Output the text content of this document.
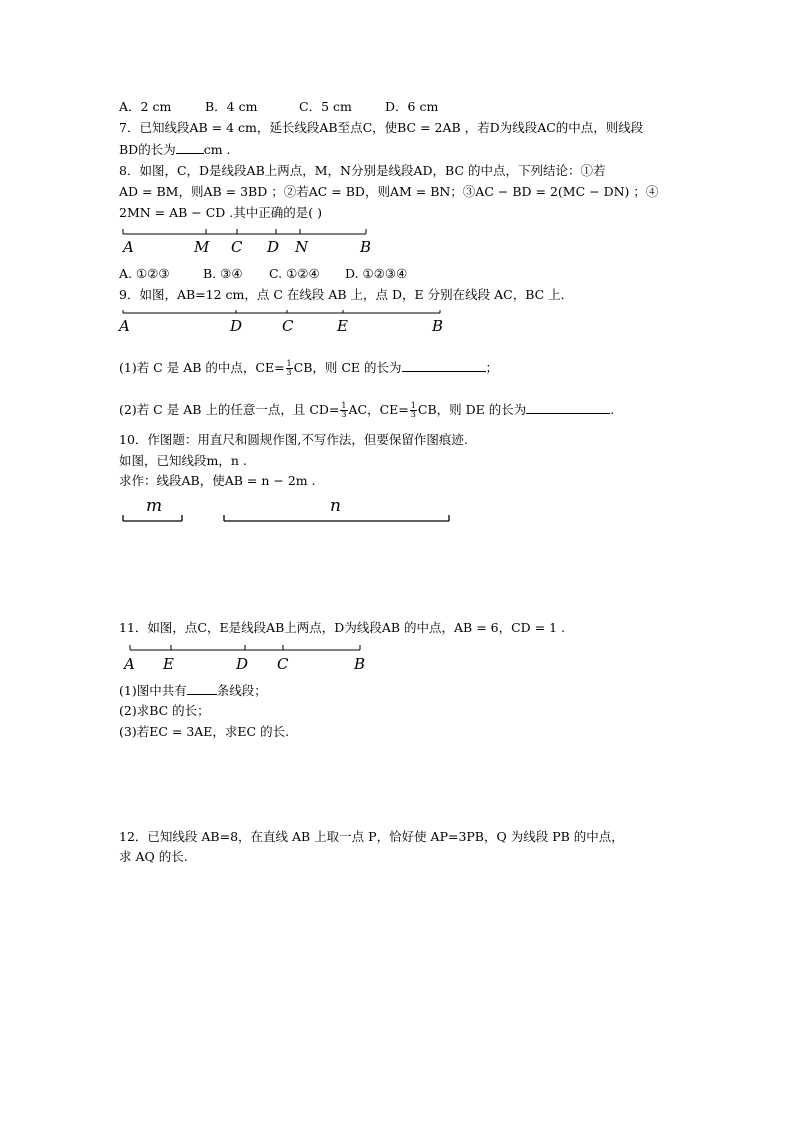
A．2 cm	B．4 cm	C．5 cm	D．6 cm
7．已知线段AB = 4 cm，延长线段AB至点C，使BC = 2AB ，若D为线段AC的中点，则线段
BD的长为 cm .
8．如图，C，D是线段AB上两点，M，N分别是线段AD，BC 的中点，下列结论：①若
AD = BM，则AB = 3BD ；②若AC = BD，则AM = BN；③AC − BD = 2(MC − DN) ；④
2MN = AB − CD .其中正确的是( )
A	M C D N	B
A	D	C	E	B
m	n
A E	D C	B
A. ①②③	B. ③④ C. ①②④ D. ①②③④
9．如图，AB=12 cm，点 C 在线段 AB 上，点 D，E 分别在线段 AC，BC 上．
(1)若 C 是 AB 的中点，$CE= \frac{1}{3}$ CB，则 CE 的长为	；
(2)若 C 是 AB 上的任意一点，且 $CD= \frac{1}{3}$ AC，$CE= \frac{1}{3}$ CB，则 DE 的长为	.
10．作图题：用直尺和圆规作图,不写作法，但要保留作图痕迹.
如图，已知线段m，n .
求作：线段AB，使AB = n − 2m .
11．如图，点C，E是线段AB上两点，D为线段AB 的中点，AB = 6，CD = 1 .
(1)图中共有 条线段；
(2)求BC 的长；
(3)若EC = 3AE，求EC 的长.
12．已知线段 AB=8，在直线 AB 上取一点 P，恰好使 AP=3PB，Q 为线段 PB 的中点，
求 AQ 的长.
